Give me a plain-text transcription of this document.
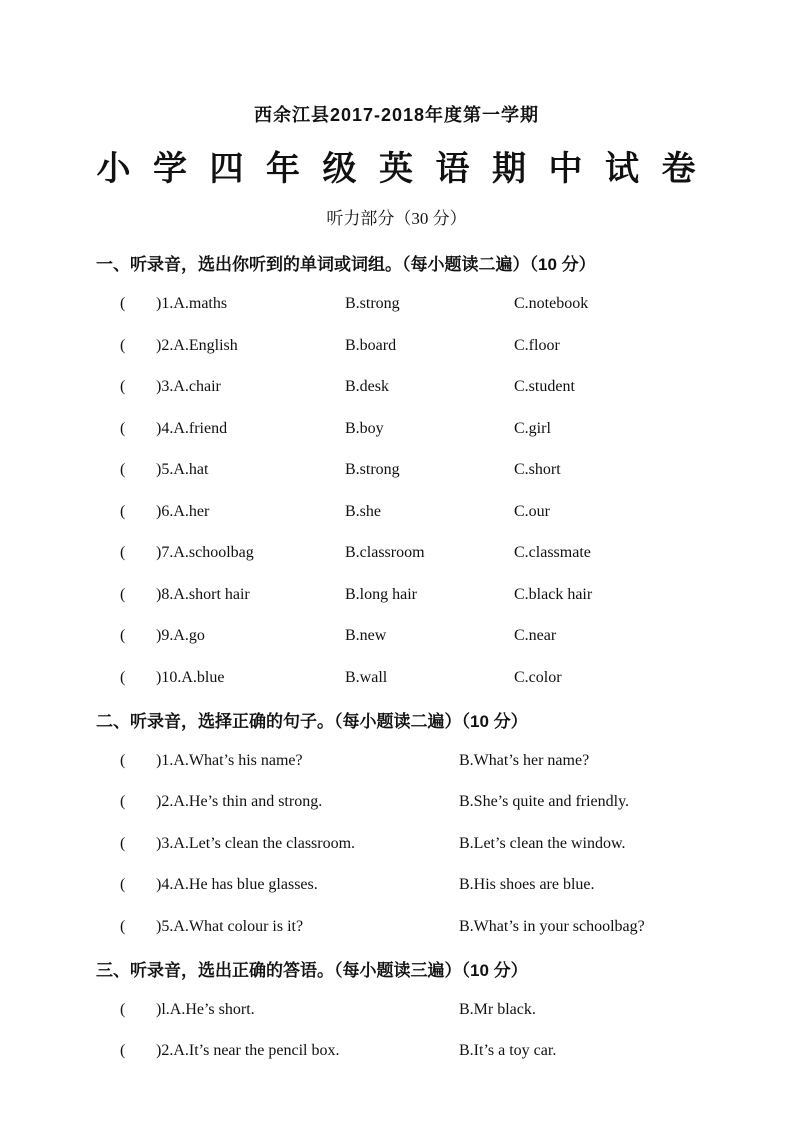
西余江县2017-2018年度第一学期
小 学 四 年 级 英 语 期 中 试 卷
听力部分（30 分）
一、听录音，选出你听到的单词或词组。（每小题读二遍）（10 分）
(	)1.A.maths	B.strong	C.notebook
(	)2.A.English	B.board	C.floor
(	)3.A.chair	B.desk	C.student
(	)4.A.friend	B.boy	C.girl
(	)5.A.hat	B.strong	C.short
(	)6.A.her	B.she	C.our
(	)7.A.schoolbag	B.classroom	C.classmate
(	)8.A.short hair	B.long hair	C.black hair
(	)9.A.go	B.new	C.near
(	)10.A.blue	B.wall	C.color
二、听录音，选择正确的句子。（每小题读二遍）（10 分）
(	)1.A.What’s his name?	B.What’s her name?
(	)2.A.He’s thin and strong.	B.She’s quite and friendly.
(	)3.A.Let’s clean the classroom.	B.Let’s clean the window.
(	)4.A.He has blue glasses.	B.His shoes are blue.
(	)5.A.What colour is it?	B.What’s in your schoolbag?
三、听录音，选出正确的答语。（每小题读三遍）（10 分）
(	)l.A.He’s short.	B.Mr black.
(	)2.A.It’s near the pencil box.	B.It’s a toy car.
